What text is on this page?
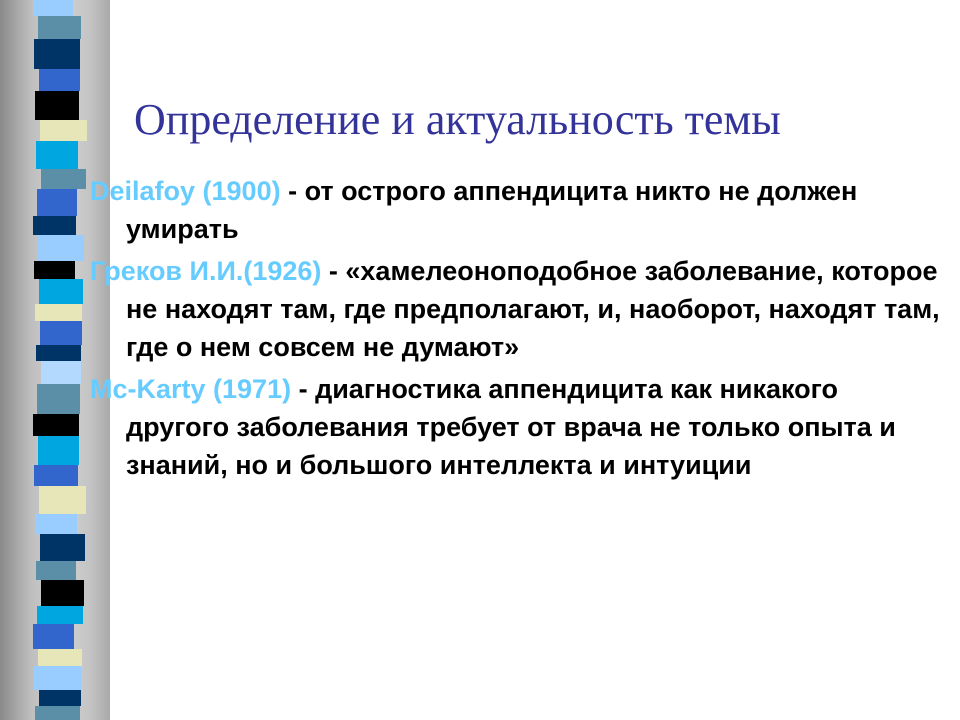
Определение и актуальность темы

Deilafoy (1900) - от острого аппендицита никто не должен умирать

Греков И.И.(1926) - «хамелеоноподобное заболевание, которое не находят там, где предполагают, и, наоборот, находят там, где о нем совсем не думают»

Mc-Karty (1971) - диагностика аппендицита как никакого другого заболевания требует от врача не только опыта и знаний, но и большого интеллекта и интуиции
